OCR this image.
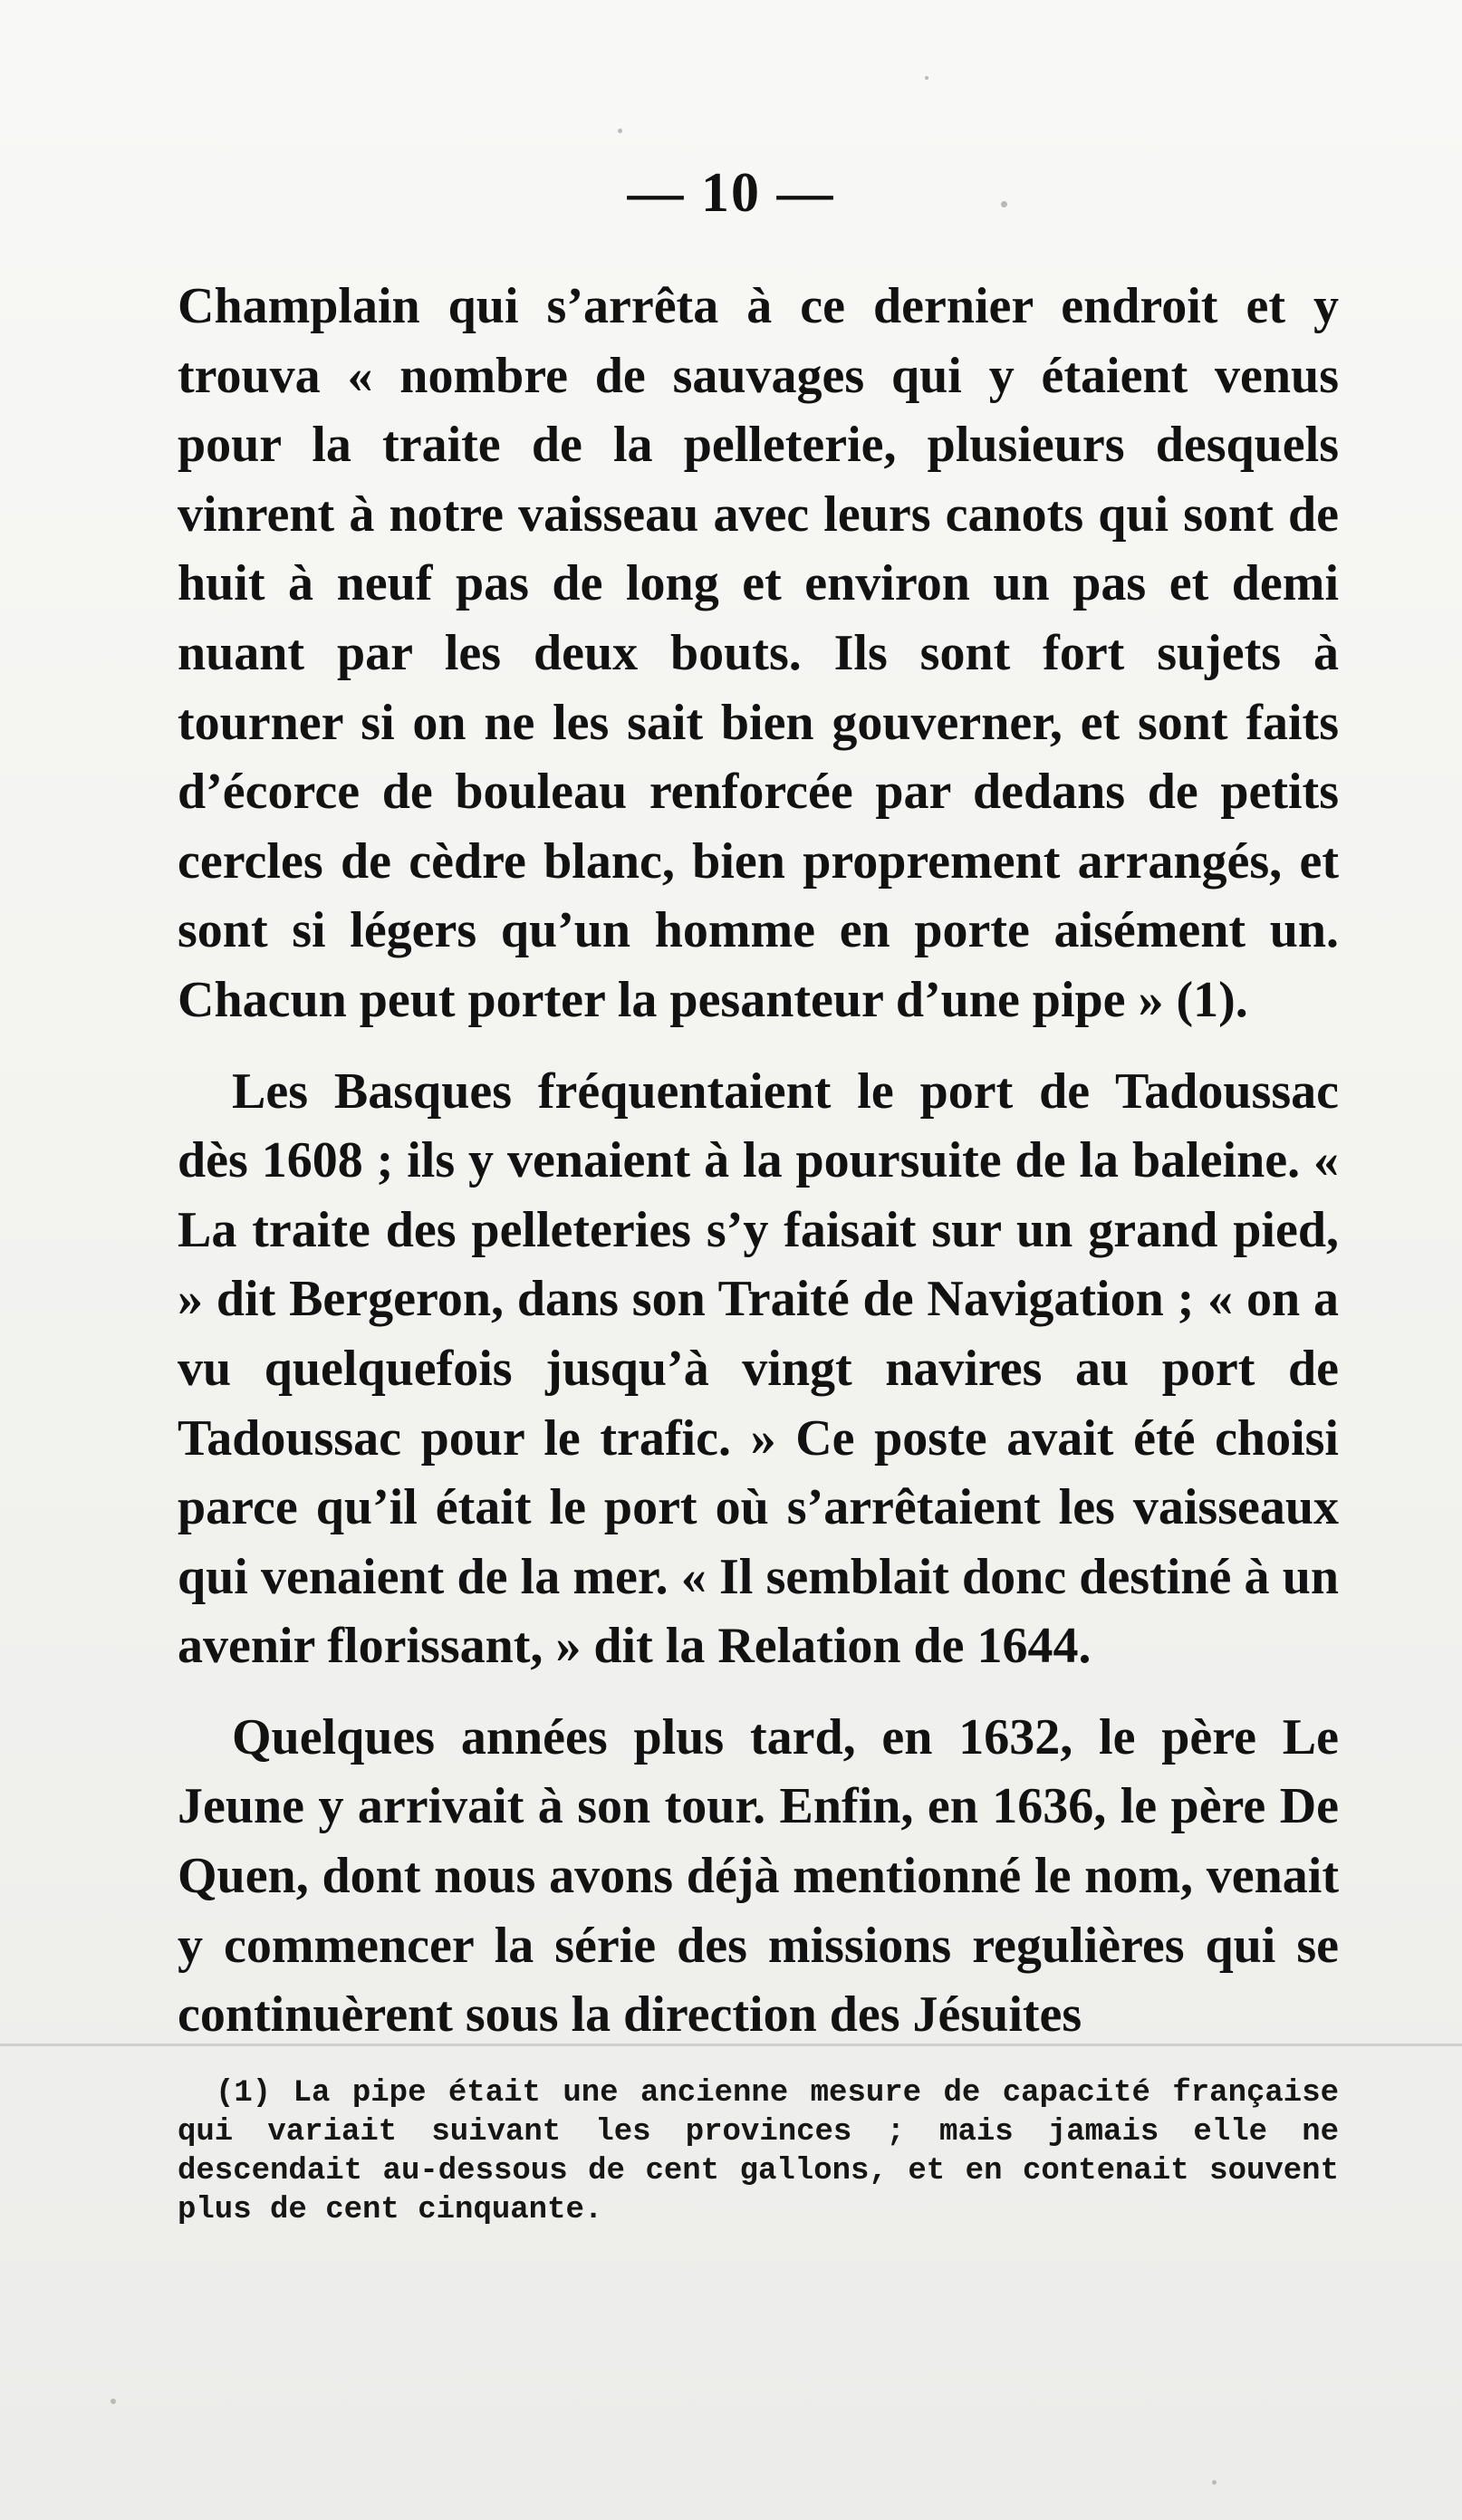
— 10 —

Champlain qui s’arrêta à ce dernier endroit et y trouva « nombre de sauvages qui y étaient venus pour la traite de la pelleterie, plusieurs desquels vinrent à notre vaisseau avec leurs canots qui sont de huit à neuf pas de long et environ un pas et demi nuant par les deux bouts. Ils sont fort sujets à tourner si on ne les sait bien gouverner, et sont faits d’écorce de bouleau renforcée par dedans de petits cercles de cèdre blanc, bien proprement arrangés, et sont si légers qu’un homme en porte aisément un. Chacun peut porter la pesanteur d’une pipe » (1).

Les Basques fréquentaient le port de Tadoussac dès 1608 ; ils y venaient à la poursuite de la baleine. « La traite des pelleteries s’y faisait sur un grand pied, » dit Bergeron, dans son Traité de Navigation ; « on a vu quelquefois jusqu’à vingt navires au port de Tadoussac pour le trafic. » Ce poste avait été choisi parce qu’il était le port où s’arrêtaient les vaisseaux qui venaient de la mer. « Il semblait donc destiné à un avenir florissant, » dit la Relation de 1644.

Quelques années plus tard, en 1632, le père Le Jeune y arrivait à son tour. Enfin, en 1636, le père De Quen, dont nous avons déjà mentionné le nom, venait y commencer la série des missions regulières qui se continuèrent sous la direction des Jésuites

(1) La pipe était une ancienne mesure de capacité française qui variait suivant les provinces ; mais jamais elle ne descendait au-dessous de cent gallons, et en contenait souvent plus de cent cinquante.
